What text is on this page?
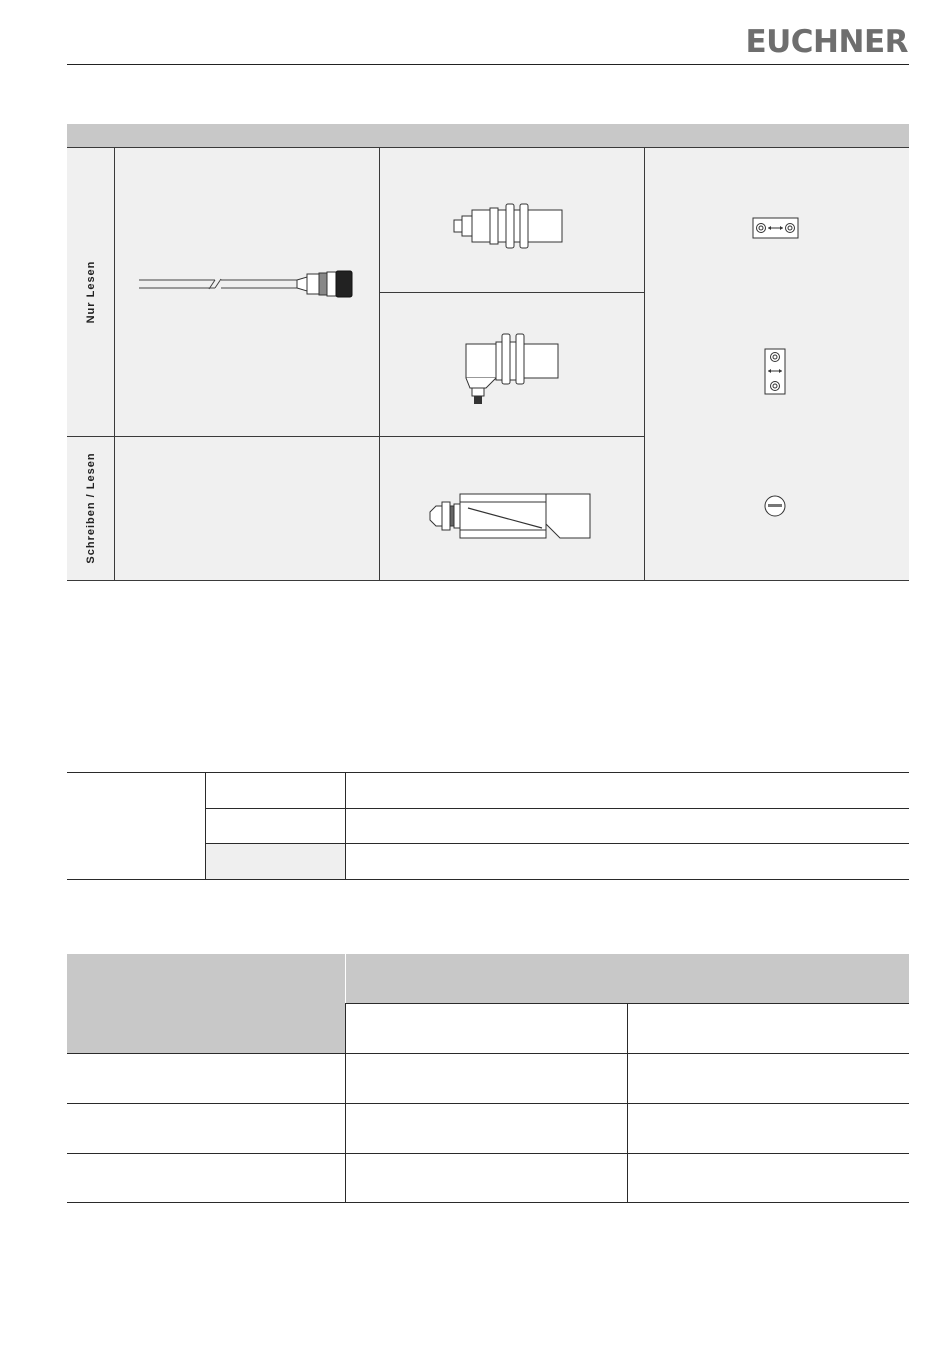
EUCHNER
Nur Lesen
Schreiben / Lesen
